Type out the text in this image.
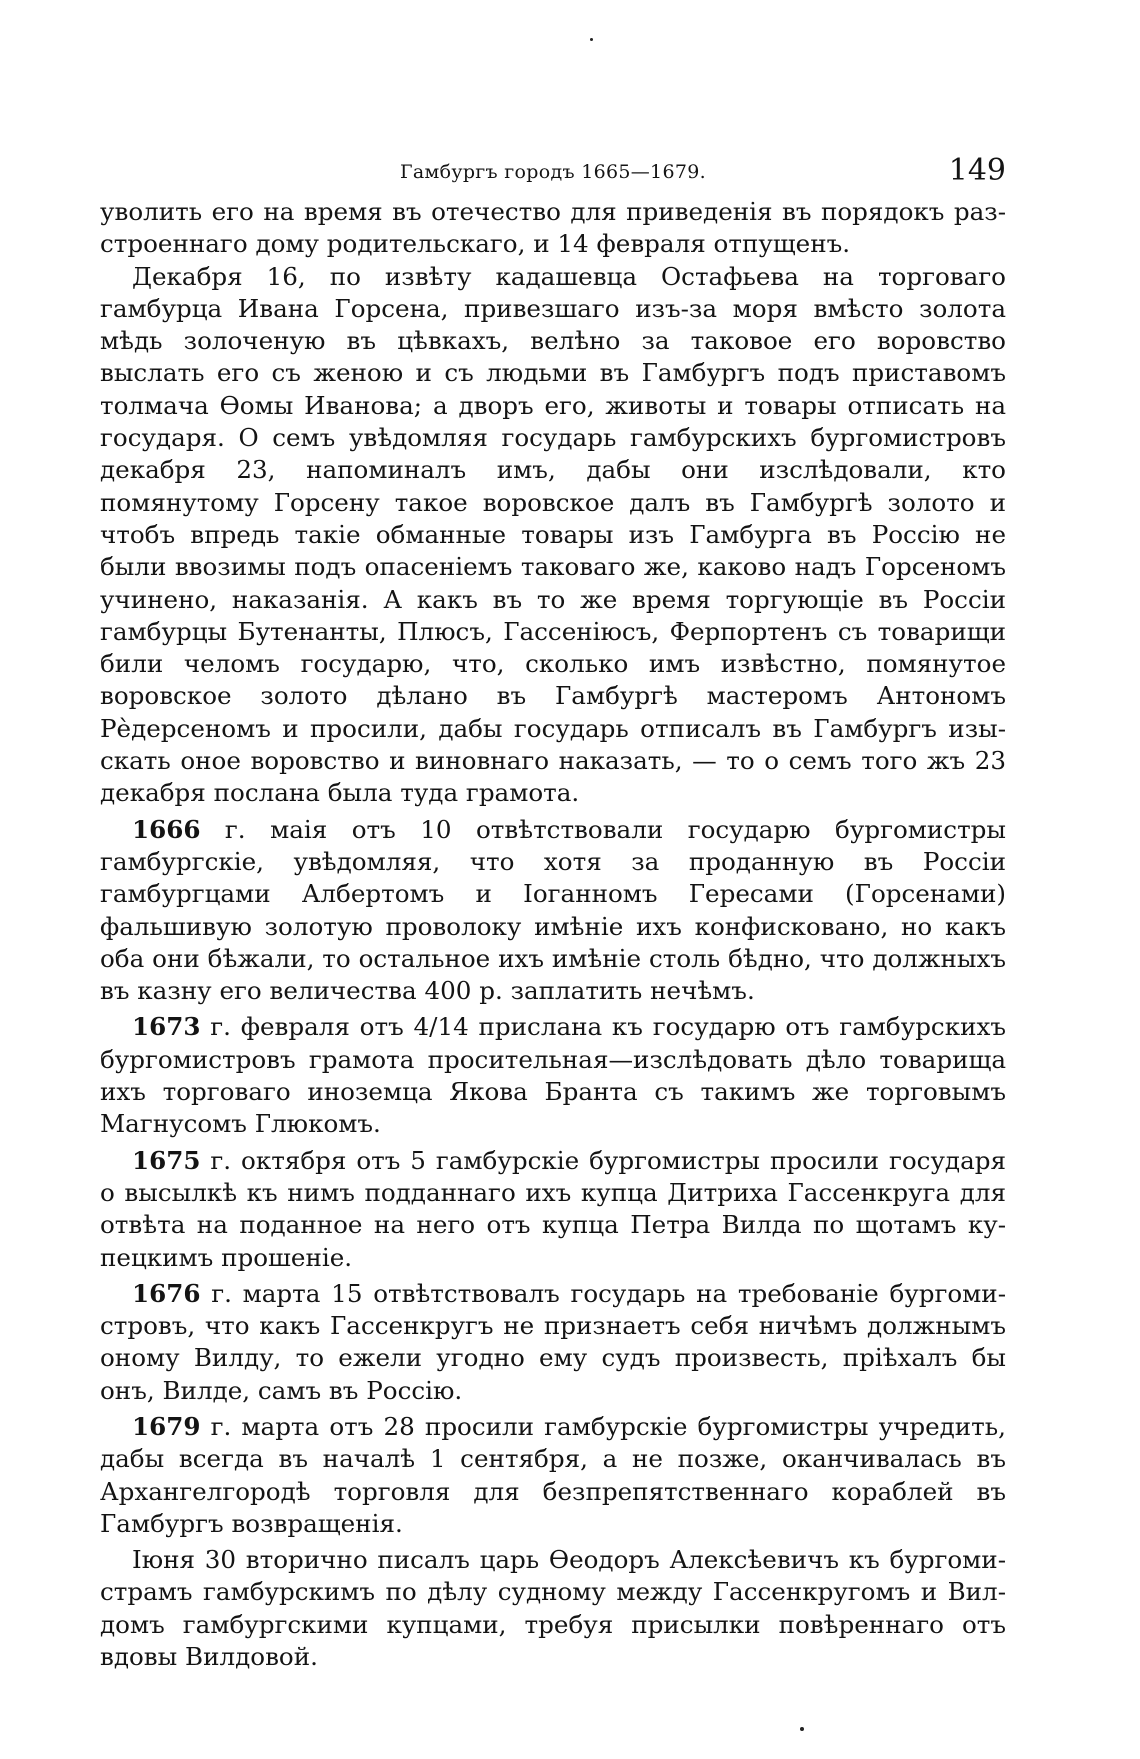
Гамбургъ городъ 1665—1679.	149

уволить его на время въ отечество для приведенія въ порядокъ разстроеннаго дому родительскаго, и 14 февраля отпущенъ.

Декабря 16, по извѣту кадашевца Остафьева на торговаго гамбурца Ивана Горсена, привезшаго изъ-за моря вмѣсто золота мѣдь золоченую въ цѣвкахъ, велѣно за таковое его воровство выслать его съ женою и съ людьми въ Гамбургъ подъ приставомъ толмача Ѳомы Иванова; а дворъ его, животы и товары отписать на государя. О семъ увѣдомляя государь гамбурскихъ бургомистровъ декабря 23, напоминалъ имъ, дабы они изслѣдовали, кто помянутому Горсену такое воровское далъ въ Гамбургѣ золото и чтобъ впредь такіе обманные товары изъ Гамбурга въ Россію не были ввозимы подъ опасеніемъ таковаго же, каково надъ Горсеномъ учинено, наказанія. А какъ въ то же время торгующіе въ Россіи гамбурцы Бутенанты, Плюсъ, Гассеніюсъ, Ферпортенъ съ товарищи били челомъ государю, что, сколько имъ извѣстно, помянутое воровское золото дѣлано въ Гамбургѣ мастеромъ Антономъ Рѐдерсеномъ и просили, дабы государь отписалъ въ Гамбургъ изыскать оное воровство и виновнаго наказать, — то о семъ того жъ 23 декабря послана была туда грамота.

1666 г. маія отъ 10 отвѣтствовали государю бургомистры гамбургскіе, увѣдомляя, что хотя за проданную въ Россіи гамбургцами Албертомъ и Іоганномъ Гересами (Горсенами) фальшивую золотую проволоку имѣніе ихъ конфисковано, но какъ оба они бѣжали, то остальное ихъ имѣніе столь бѣдно, что должныхъ въ казну его величества 400 р. заплатить нечѣмъ.

1673 г. февраля отъ 4/14 прислана къ государю отъ гамбурскихъ бургомистровъ грамота просительная—изслѣдовать дѣло товарища ихъ торговаго иноземца Якова Бранта съ такимъ же торговымъ Магнусомъ Глюкомъ.

1675 г. октября отъ 5 гамбурскіе бургомистры просили государя о высылкѣ къ нимъ подданнаго ихъ купца Дитриха Гассенкруга для отвѣта на поданное на него отъ купца Петра Вилда по щотамъ купецкимъ прошеніе.

1676 г. марта 15 отвѣтствовалъ государь на требованіе бургомистровъ, что какъ Гассенкругъ не признаетъ себя ничѣмъ должнымъ оному Вилду, то ежели угодно ему судъ произвесть, пріѣхалъ бы онъ, Вилде, самъ въ Россію.

1679 г. марта отъ 28 просили гамбурскіе бургомистры учредить, дабы всегда въ началѣ 1 сентября, а не позже, оканчивалась въ Архангелгородѣ торговля для безпрепятственнаго кораблей въ Гамбургъ возвращенія.

Іюня 30 вторично писалъ царь Ѳеодоръ Алексѣевичъ къ бургомистрамъ гамбурскимъ по дѣлу судному между Гассенкругомъ и Вилдомъ гамбургскими купцами, требуя присылки повѣреннаго отъ вдовы Вилдовой.
